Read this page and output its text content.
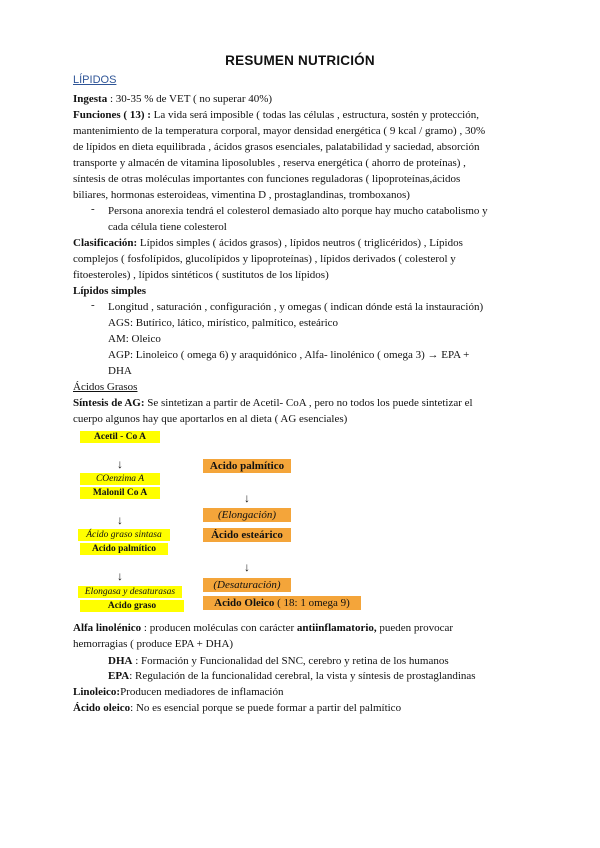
RESUMEN NUTRICIÓN
LÍPIDOS
Ingesta : 30-35 % de VET ( no superar 40%)
Funciones ( 13) : La vida será imposible ( todas las células , estructura, sostén y protección,
mantenimiento de la temperatura corporal, mayor densidad energética ( 9 kcal / gramo) , 30%
de lípidos en dieta equilibrada , ácidos grasos esenciales, palatabilidad y saciedad, absorción
transporte y almacén de vitamina liposolubles , reserva energética ( ahorro de proteínas) ,
síntesis de otras moléculas importantes con funciones reguladoras ( lipoproteínas,ácidos
biliares, hormonas esteroideas, vimentina D , prostaglandinas, tromboxanos)
- Persona anorexia tendrá el colesterol demasiado alto porque hay mucho catabolismo y
cada célula tiene colesterol
Clasificación: Lípidos simples ( ácidos grasos) , lípidos neutros ( triglicéridos) , Lípidos
complejos ( fosfolípidos, glucolípidos y lipoproteínas) , lípidos derivados ( colesterol y
fitoesteroles) , lípidos sintéticos ( sustitutos de los lípidos)
Lípidos simples
- Longitud , saturación , configuración , y omegas ( indican dónde está la instauración)
AGS: Butírico, lático, mirístico, palmítico, esteárico
AM: Oleico
AGP: Linoleico ( omega 6) y araquidónico , Alfa- linolénico ( omega 3) → EPA +
DHA
Ácidos Grasos
Síntesis de AG: Se sintetizan a partir de Acetil- CoA , pero no todos los puede sintetizar el
cuerpo algunos hay que aportarlos en al dieta ( AG esenciales)
Acetil - Co A
↓
COenzima A
Malonil Co A
↓
Ácido graso sintasa
Acido palmítico
↓
Elongasa y desaturasas
Acido graso
Acido palmítico
↓
(Elongación)
Ácido esteárico
↓
(Desaturación)
Acido Oleico ( 18: 1 omega 9)
Alfa linolénico : producen moléculas con carácter antiinflamatorio, pueden provocar
hemorragias ( produce EPA + DHA)
DHA : Formación y Funcionalidad del SNC, cerebro y retina de los humanos
EPA: Regulación de la funcionalidad cerebral, la vista y síntesis de prostaglandinas
Linoleico:Producen mediadores de inflamación
Ácido oleico: No es esencial porque se puede formar a partir del palmítico
